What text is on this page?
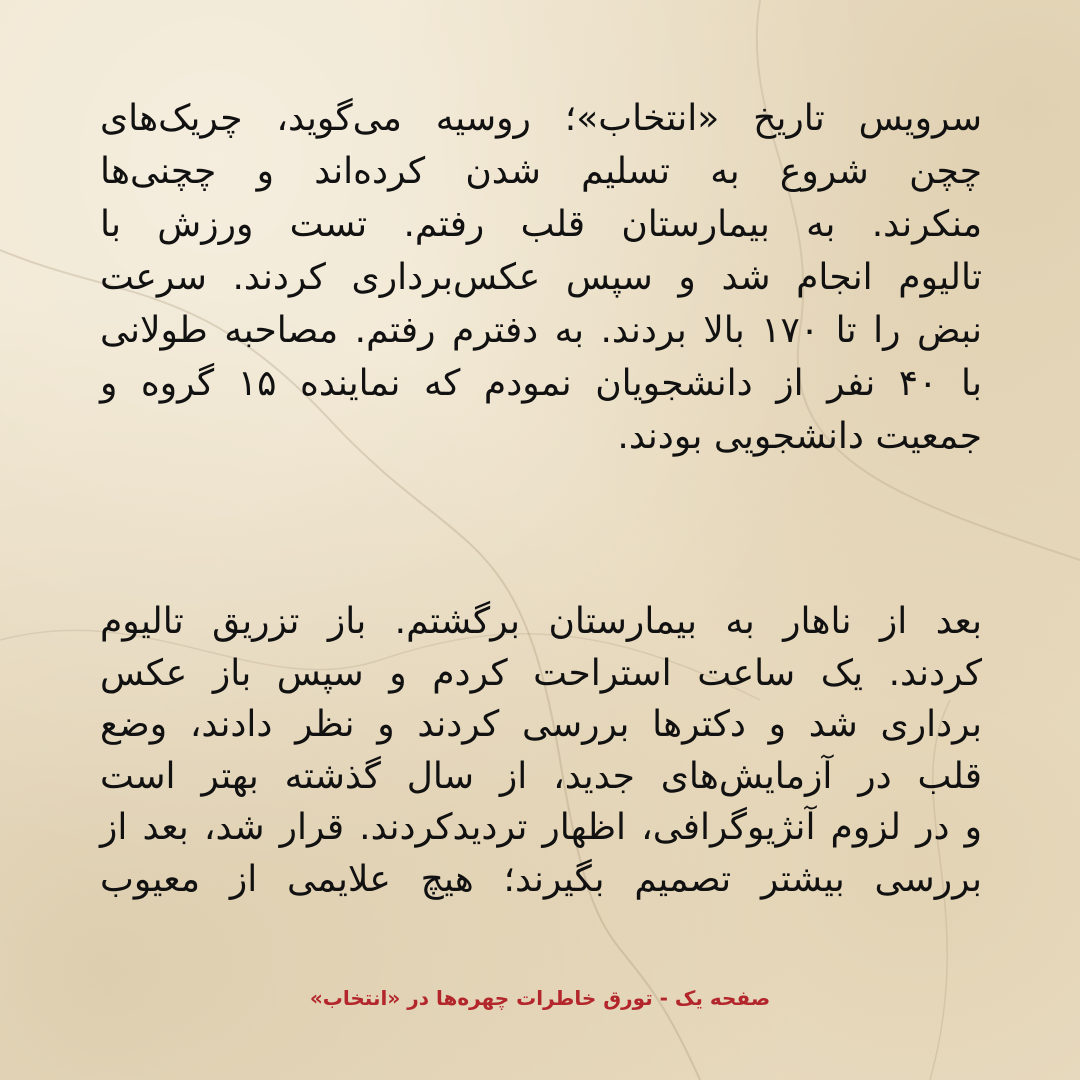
سرویس تاریخ «انتخاب»؛ روسیه می‌گوید، چریک‌های
چچن شروع به تسلیم شدن کرده‌اند و چچنی‌ها
منکرند. به بیمارستان قلب رفتم. تست ورزش با
تالیوم انجام شد و سپس عکس‌برداری کردند. سرعت
نبض را تا ۱۷۰ بالا بردند. به دفترم رفتم. مصاحبه طولانی
با ۴۰ نفر از دانشجویان نمودم که نماینده ۱۵ گروه و
جمعیت دانشجویی بودند.
بعد از ناهار به بیمارستان برگشتم. باز تزریق تالیوم
کردند. یک ساعت استراحت کردم و سپس باز عکس
برداری شد و دکترها بررسی کردند و نظر دادند، وضع
قلب در آزمایش‌های جدید، از سال گذشته بهتر است
و در لزوم آنژیوگرافی، اظهار تردیدکردند. قرار شد، بعد از
بررسی بیشتر تصمیم بگیرند؛ هیچ علایمی از معیوب
صفحه یک - تورق خاطرات چهره‌ها در «انتخاب»
